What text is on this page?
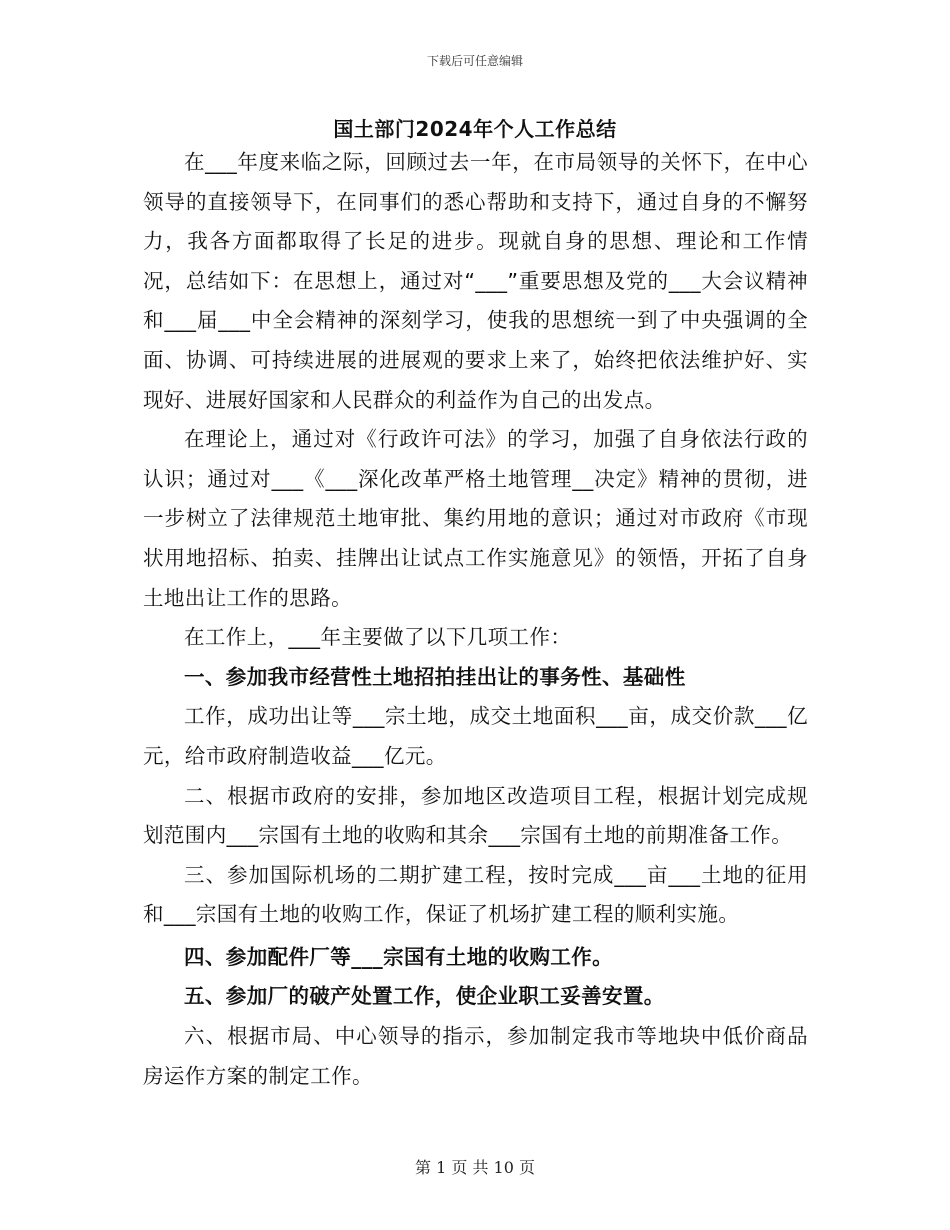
下载后可任意编辑
国土部门2024年个人工作总结

在___年度来临之际，回顾过去一年，在市局领导的关怀下，在中心领导的直接领导下，在同事们的悉心帮助和支持下，通过自身的不懈努力，我各方面都取得了长足的进步。现就自身的思想、理论和工作情况，总结如下：在思想上，通过对“___”重要思想及党的___大会议精神和___届___中全会精神的深刻学习，使我的思想统一到了中央强调的全面、协调、可持续进展的进展观的要求上来了，始终把依法维护好、实现好、进展好国家和人民群众的利益作为自己的出发点。

在理论上，通过对《行政许可法》的学习，加强了自身依法行政的认识；通过对___《___深化改革严格土地管理__决定》精神的贯彻，进一步树立了法律规范土地审批、集约用地的意识；通过对市政府《市现状用地招标、拍卖、挂牌出让试点工作实施意见》的领悟，开拓了自身土地出让工作的思路。

在工作上，___年主要做了以下几项工作：

一、参加我市经营性土地招拍挂出让的事务性、基础性

工作，成功出让等___宗土地，成交土地面积___亩，成交价款___亿元，给市政府制造收益___亿元。

二、根据市政府的安排，参加地区改造项目工程，根据计划完成规划范围内___宗国有土地的收购和其余___宗国有土地的前期准备工作。

三、参加国际机场的二期扩建工程，按时完成___亩___土地的征用和___宗国有土地的收购工作，保证了机场扩建工程的顺利实施。

四、参加配件厂等___宗国有土地的收购工作。

五、参加厂的破产处置工作，使企业职工妥善安置。

六、根据市局、中心领导的指示，参加制定我市等地块中低价商品房运作方案的制定工作。

第 1 页 共 10 页
